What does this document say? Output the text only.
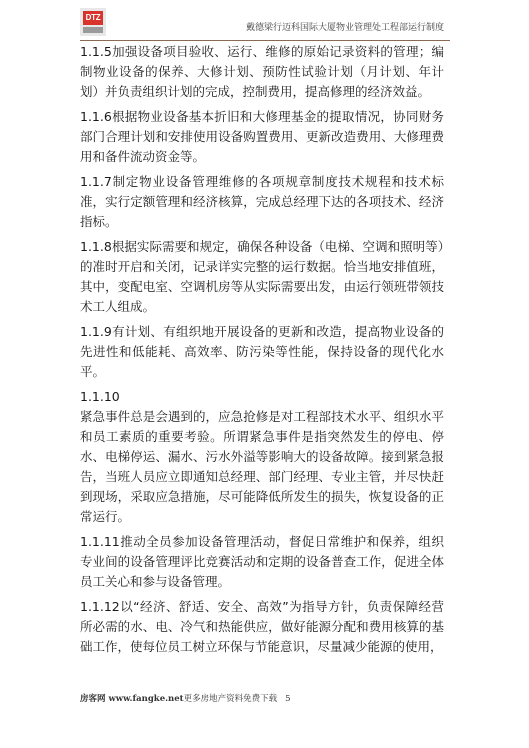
DTZ
戴德梁行迈科国际大厦物业管理处工程部运行制度

1.1.5加强设备项目验收、运行、维修的原始记录资料的管理；编制物业设备的保养、大修计划、预防性试验计划（月计划、年计划）并负责组织计划的完成，控制费用，提高修理的经济效益。

1.1.6根据物业设备基本折旧和大修理基金的提取情况，协同财务部门合理计划和安排使用设备购置费用、更新改造费用、大修理费用和备件流动资金等。

1.1.7制定物业设备管理维修的各项规章制度技术规程和技术标准，实行定额管理和经济核算，完成总经理下达的各项技术、经济指标。

1.1.8根据实际需要和规定，确保各种设备（电梯、空调和照明等）的准时开启和关闭，记录详实完整的运行数据。恰当地安排值班，其中，变配电室、空调机房等从实际需要出发，由运行领班带领技术工人组成。

1.1.9有计划、有组织地开展设备的更新和改造，提高物业设备的先进性和低能耗、高效率、防污染等性能，保持设备的现代化水平。

1.1.10

紧急事件总是会遇到的，应急抢修是对工程部技术水平、组织水平和员工素质的重要考验。所谓紧急事件是指突然发生的停电、停水、电梯停运、漏水、污水外溢等影响大的设备故障。接到紧急报告，当班人员应立即通知总经理、部门经理、专业主管，并尽快赶到现场，采取应急措施，尽可能降低所发生的损失，恢复设备的正常运行。

1.1.11推动全员参加设备管理活动，督促日常维护和保养，组织专业间的设备管理评比竞赛活动和定期的设备普查工作，促进全体员工关心和参与设备管理。

1.1.12以“经济、舒适、安全、高效”为指导方针，负责保障经营所必需的水、电、冷气和热能供应，做好能源分配和费用核算的基础工作，使每位员工树立环保与节能意识，尽量减少能源的使用，

房客网 www.fangke.net更多房地产资料免费下载 5
